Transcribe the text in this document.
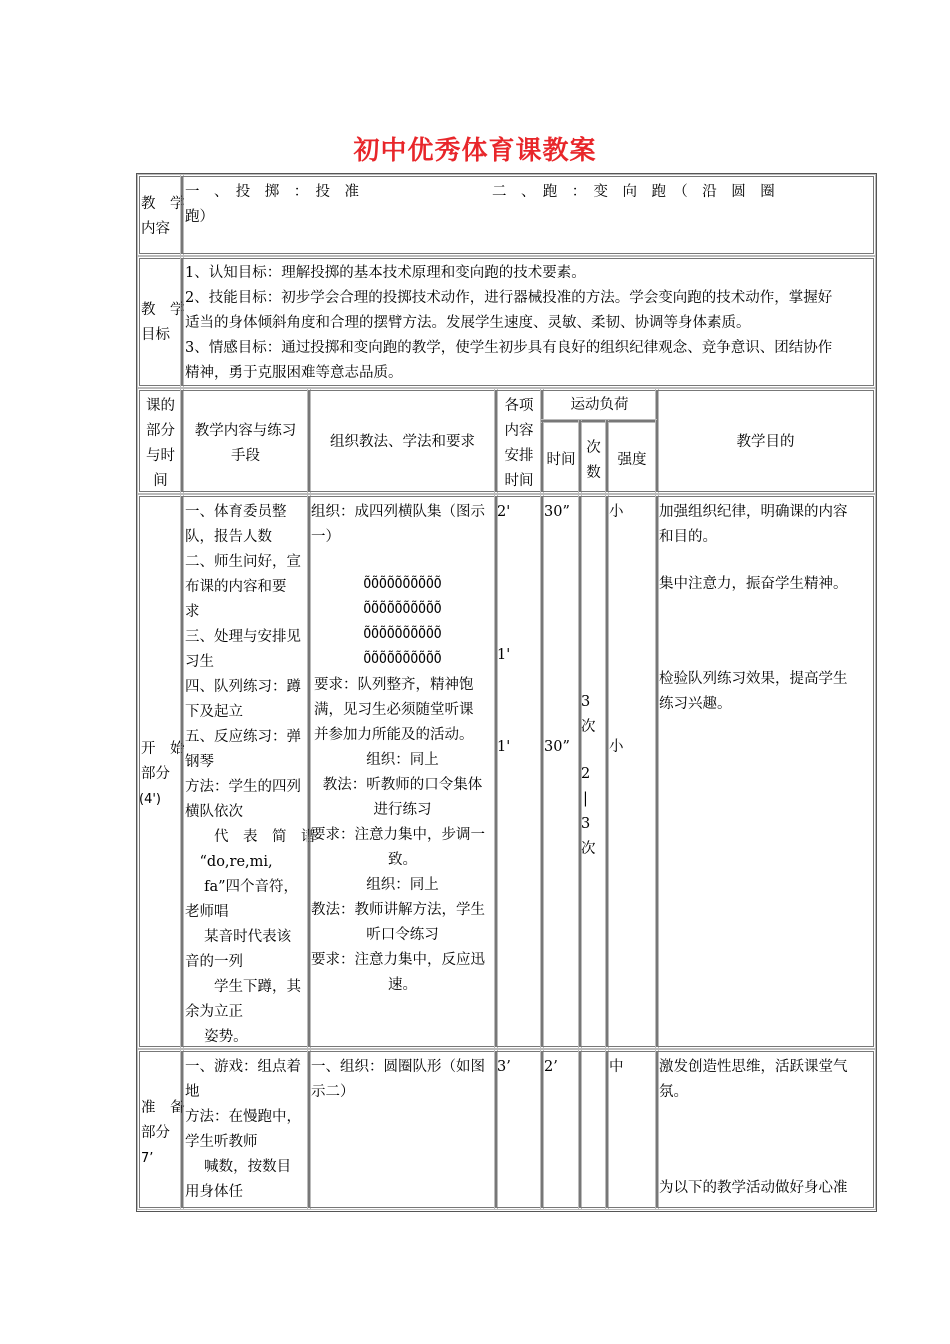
初中优秀体育课教案
教　学
内容
一　、　投　掷　：　投　准	二　、　跑　：　变　向　跑　（　沿　圆　圈
跑）
教　学
目标
1、认知目标：理解投掷的基本技术原理和变向跑的技术要素。
2、技能目标：初步学会合理的投掷技术动作，进行器械投准的方法。学会变向跑的技术动作，掌握好
适当的身体倾斜角度和合理的摆臂方法。发展学生速度、灵敏、柔韧、协调等身体素质。
3、情感目标：通过投掷和变向跑的教学，使学生初步具有良好的组织纪律观念、竞争意识、团结协作
精神，勇于克服困难等意志品质。
课的
部分
与时
间
教学内容与练习
手段
组织教法、学法和要求
各项
内容
安排
时间
运动负荷
时间
次
数
强度
教学目的
开　始
部分
(4')
一、体育委员整
队，报告人数
二、师生问好，宣
布课的内容和要
求
三、处理与安排见
习生
四、队列练习：蹲
下及起立
五、反应练习：弹
钢琴
方法：学生的四列
横队依次
　　代　表　简　谱
　“do,re,mi,
　 fa”四个音符，
老师唱
　 某音时代表该
音的一列
　　学生下蹲，其
余为立正
　 姿势。
组织：成四列横队集（图示
一）
ÕÕÕÕÕÕÕÕÕÕ
ÕÕÕÕÕÕÕÕÕÕ
ÕÕÕÕÕÕÕÕÕÕ
ÕÕÕÕÕÕÕÕÕÕ
要求：队列整齐，精神饱
满，见习生必须随堂听课
并参加力所能及的活动。
组织：同上
教法：听教师的口令集体
进行练习
要求：注意力集中，步调一
致。
组织：同上
教法：教师讲解方法，学生
听口令练习
要求：注意力集中，反应迅
速。
2'
1'
1'
30”
30”
3
次
2
|
3
次
小
小
加强组织纪律，明确课的内容
和目的。
集中注意力，振奋学生精神。
检验队列练习效果，提高学生
练习兴趣。
准　备
部分
7’
一、游戏：组点着
地
方法：在慢跑中，
学生听教师
　 喊数，按数目
用身体任
一、组织：圆圈队形（如图
示二）
3’ 2’	中 激发创造性思维，活跃课堂气
氛。
为以下的教学活动做好身心准
